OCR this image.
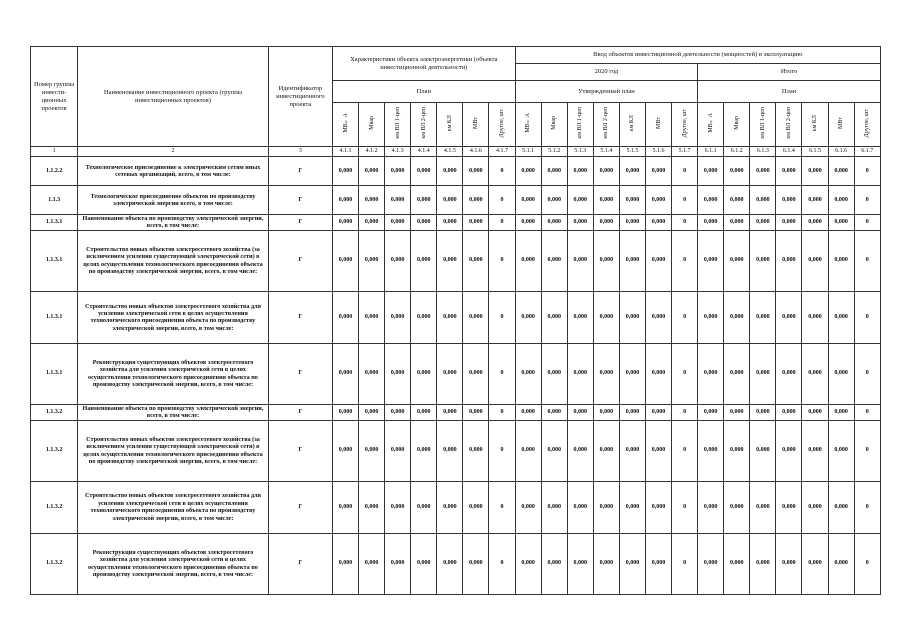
Номер группы инвести-ционных проектов	Наименование инвестиционного проекта (группы инвестиционных проектов)	Идентификатор инвестиционного проекта	Характеристики объекта электроэнергетики (объекта инвестиционной деятельности)							Ввод объектов инвестиционной деятельности (мощностей) в эксплуатацию													
										2020 год							Итого						
			План							Утвержденный план							План						
			МВ×А	Мвар	км ВЛ 1-цеп	км ВЛ 2-цеп	км КЛ	МВт	Другое, шт	МВ×А	Мвар	км ВЛ 1-цеп	км ВЛ 2-цеп	км КЛ	МВт	Другое, шт	МВ×А	Мвар	км ВЛ 1-цеп	км ВЛ 2-цеп	км КЛ	МВт	Другое, шт
1	2	3	4.1.1	4.1.2	4.1.3	4.1.4	4.1.5	4.1.6	4.1.7	5.1.1	5.1.2	5.1.3	5.1.4	5.1.5	5.1.6	5.1.7	6.1.1	6.1.2	6.1.3	6.1.4	6.1.5	6.1.6	6.1.7
1.1.2.2	Технологическое присоединение к электрическим сетям иных сетевых организаций, всего, в том числе:	Г	0,000	0,000	0,000	0,000	0,000	0,000	0	0,000	0,000	0,000	0,000	0,000	0,000	0	0,000	0,000	0,000	0,000	0,000	0,000	0
1.1.3	Технологическое присоединение объектов по производству электрической энергии всего, в том числе:	Г	0,000	0,000	0,000	0,000	0,000	0,000	0	0,000	0,000	0,000	0,000	0,000	0,000	0	0,000	0,000	0,000	0,000	0,000	0,000	0
1.1.3.1	Наименование объекта по производству электрической энергии, всего, в том числе:	Г	0,000	0,000	0,000	0,000	0,000	0,000	0	0,000	0,000	0,000	0,000	0,000	0,000	0	0,000	0,000	0,000	0,000	0,000	0,000	0
1.1.3.1	Строительство новых объектов электросетевого хозяйства (за исключением усиления существующей электрической сети) в целях осуществления технологического присоединения объекта по производству электрической энергии, всего, в том числе:	Г	0,000	0,000	0,000	0,000	0,000	0,000	0	0,000	0,000	0,000	0,000	0,000	0,000	0	0,000	0,000	0,000	0,000	0,000	0,000	0
1.1.3.1	Строительство новых объектов электросетевого хозяйства для усиления электрической сети в целях осуществления технологического присоединения объекта по производству электрической энергии, всего, в том числе:	Г	0,000	0,000	0,000	0,000	0,000	0,000	0	0,000	0,000	0,000	0,000	0,000	0,000	0	0,000	0,000	0,000	0,000	0,000	0,000	0
1.1.3.1	Реконструкция существующих объектов электросетевого хозяйства для усиления электрической сети в целях осуществления технологического присоединения объекта по производству электрической энергии, всего, в том числе:	Г	0,000	0,000	0,000	0,000	0,000	0,000	0	0,000	0,000	0,000	0,000	0,000	0,000	0	0,000	0,000	0,000	0,000	0,000	0,000	0
1.1.3.2	Наименование объекта по производству электрической энергии, всего, в том числе:	Г	0,000	0,000	0,000	0,000	0,000	0,000	0	0,000	0,000	0,000	0,000	0,000	0,000	0	0,000	0,000	0,000	0,000	0,000	0,000	0
1.1.3.2	Строительство новых объектов электросетевого хозяйства (за исключением усиления существующей электрической сети) в целях осуществления технологического присоединения объекта по производству электрической энергии, всего, в том числе:	Г	0,000	0,000	0,000	0,000	0,000	0,000	0	0,000	0,000	0,000	0,000	0,000	0,000	0	0,000	0,000	0,000	0,000	0,000	0,000	0
1.1.3.2	Строительство новых объектов электросетевого хозяйства для усиления электрической сети в целях осуществления технологического присоединения объекта по производству электрической энергии, всего, в том числе:	Г	0,000	0,000	0,000	0,000	0,000	0,000	0	0,000	0,000	0,000	0,000	0,000	0,000	0	0,000	0,000	0,000	0,000	0,000	0,000	0
1.1.3.2	Реконструкция существующих объектов электросетевого хозяйства для усиления электрической сети в целях осуществления технологического присоединения объекта по производству электрической энергии, всего, в том числе:	Г	0,000	0,000	0,000	0,000	0,000	0,000	0	0,000	0,000	0,000	0,000	0,000	0,000	0	0,000	0,000	0,000	0,000	0,000	0,000	0
